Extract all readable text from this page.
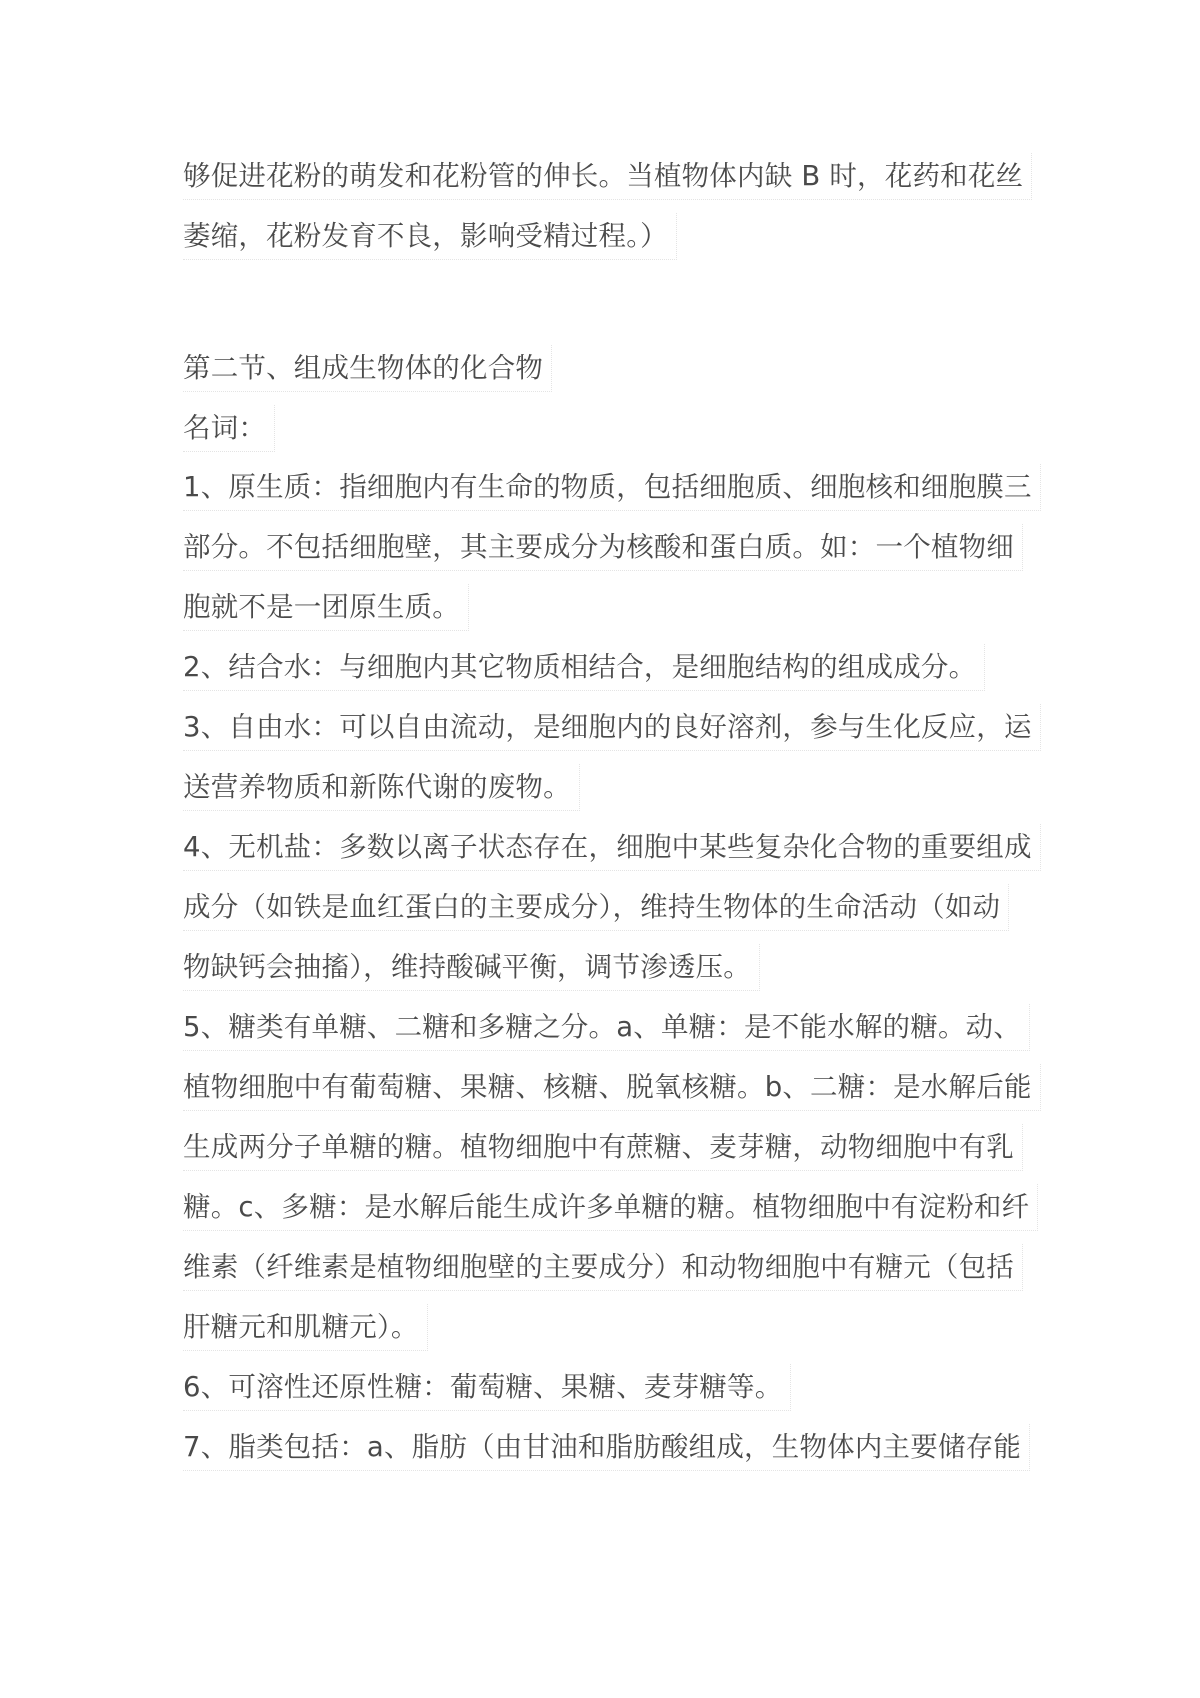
够促进花粉的萌发和花粉管的伸长。当植物体内缺 B 时，花药和花丝
萎缩，花粉发育不良，影响受精过程。）
第二节、组成生物体的化合物
名词：
1、原生质：指细胞内有生命的物质，包括细胞质、细胞核和细胞膜三
部分。不包括细胞壁，其主要成分为核酸和蛋白质。如：一个植物细
胞就不是一团原生质。
2、结合水：与细胞内其它物质相结合，是细胞结构的组成成分。
3、自由水：可以自由流动，是细胞内的良好溶剂，参与生化反应，运
送营养物质和新陈代谢的废物。
4、无机盐：多数以离子状态存在，细胞中某些复杂化合物的重要组成
成分（如铁是血红蛋白的主要成分），维持生物体的生命活动（如动
物缺钙会抽搐），维持酸碱平衡，调节渗透压。
5、糖类有单糖、二糖和多糖之分。a、单糖：是不能水解的糖。动、
植物细胞中有葡萄糖、果糖、核糖、脱氧核糖。b、二糖：是水解后能
生成两分子单糖的糖。植物细胞中有蔗糖、麦芽糖，动物细胞中有乳
糖。c、多糖：是水解后能生成许多单糖的糖。植物细胞中有淀粉和纤
维素（纤维素是植物细胞壁的主要成分）和动物细胞中有糖元（包括
肝糖元和肌糖元）。
6、可溶性还原性糖：葡萄糖、果糖、麦芽糖等。
7、脂类包括：a、脂肪（由甘油和脂肪酸组成，生物体内主要储存能
